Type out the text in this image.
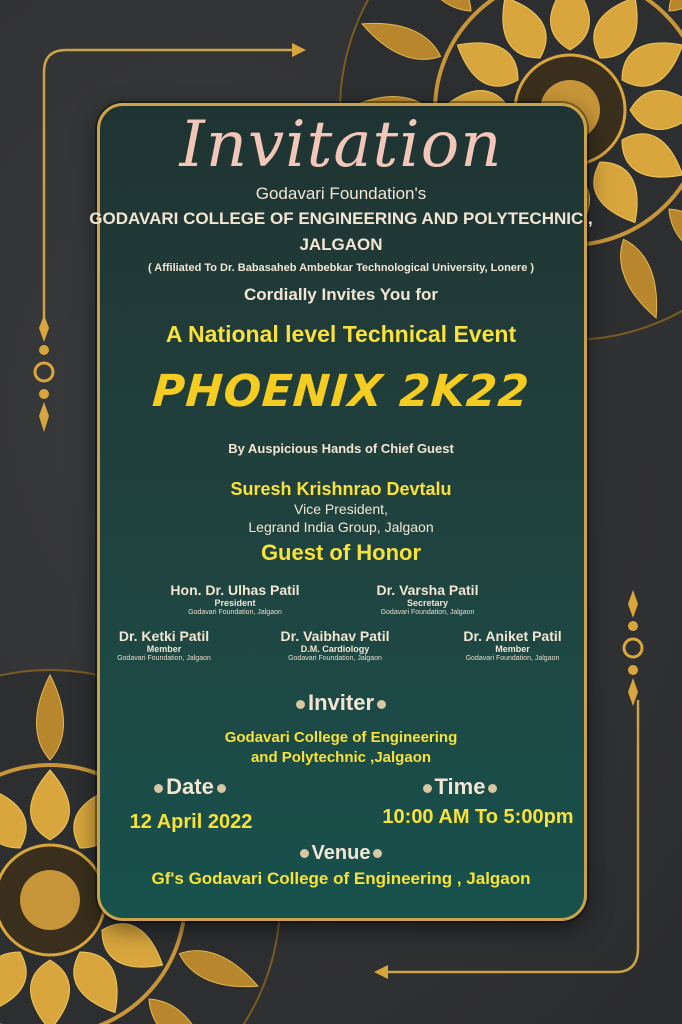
Invitation
Godavari Foundation's
GODAVARI COLLEGE OF ENGINEERING AND POLYTECHNIC ,
JALGAON
( Affiliated To Dr. Babasaheb Ambebkar Technological University, Lonere )
Cordially Invites You for
A National level Technical Event
PHOENIX 2K22
By Auspicious Hands of Chief Guest
Suresh Krishnrao Devtalu
Vice President,
Legrand India Group, Jalgaon
Guest of Honor
Hon. Dr. Ulhas Patil
President
Godavari Foundation, Jalgaon
Dr. Varsha Patil
Secretary
Godavari Foundation, Jalgaon
Dr. Ketki Patil
Member
Godavari Foundation, Jalgaon
Dr. Vaibhav Patil
D.M. Cardiology
Godavari Foundation, Jalgaon
Dr. Aniket Patil
Member
Godavari Foundation, Jalgaon
Inviter
Godavari College of Engineering
and Polytechnic ,Jalgaon
Date
12 April 2022
Time
10:00 AM To 5:00pm
Venue
Gf's Godavari College of Engineering , Jalgaon
